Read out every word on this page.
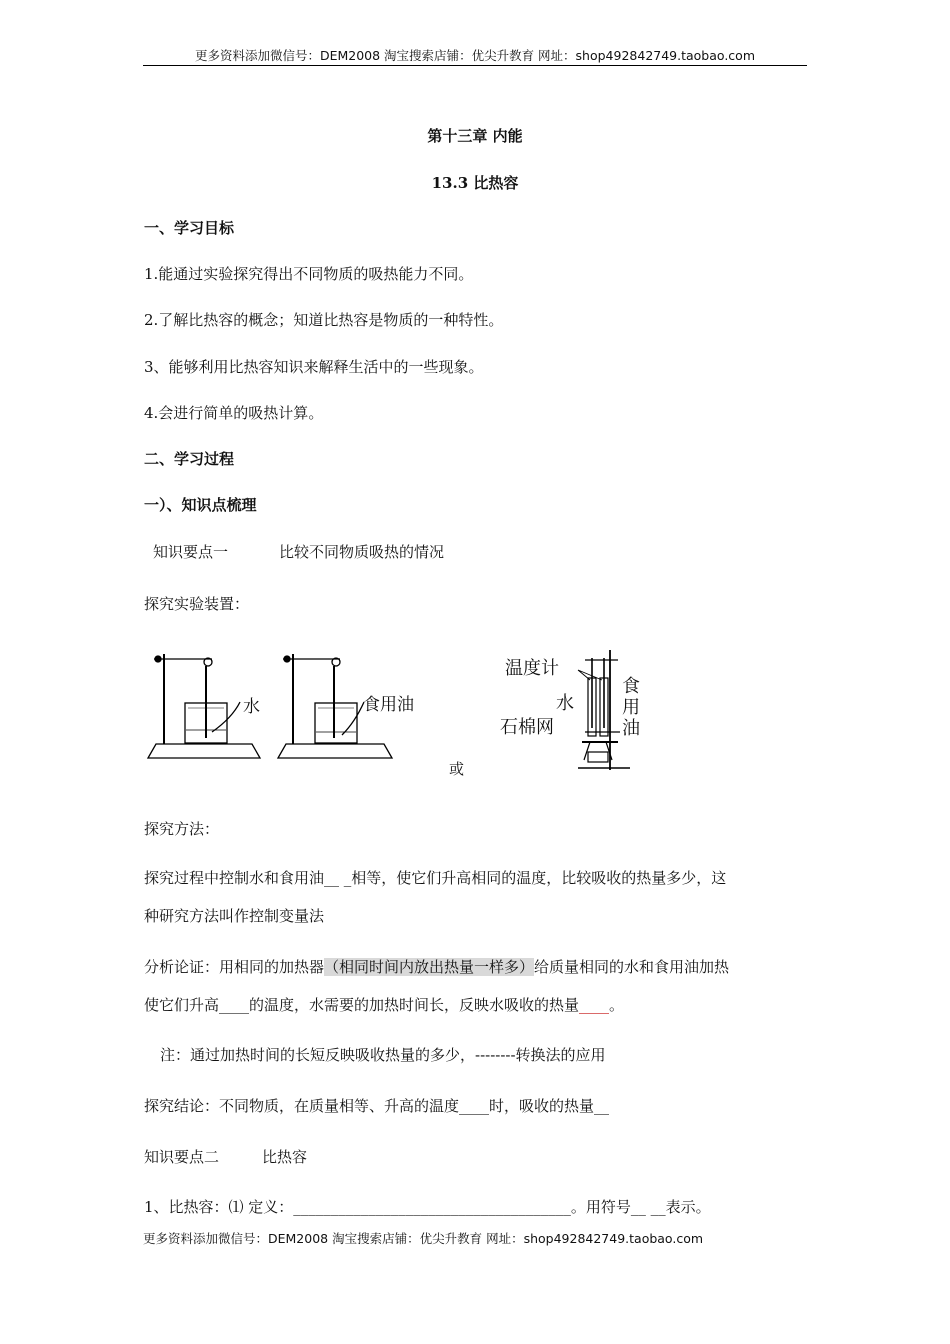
更多资料添加微信号：DEM2008 淘宝搜索店铺：优尖升教育 网址：shop492842749.taobao.com
第十三章 内能
13.3 比热容
一、学习目标
1.能通过实验探究得出不同物质的吸热能力不同。
2.了解比热容的概念；知道比热容是物质的一种特性。
3、能够利用比热容知识来解释生活中的一些现象。
4.会进行简单的吸热计算。
二、学习过程
一）、知识点梳理
知识要点一	比较不同物质吸热的情况
探究实验装置：
水	食用油
或
温度计
水
石棉网
食
用
油
探究方法：
探究过程中控制水和食用油__ _相等，使它们升高相同的温度，比较吸收的热量多少，这
种研究方法叫作控制变量法
分析论证：用相同的加热器（相同时间内放出热量一样多）给质量相同的水和食用油加热
使它们升高____的温度，水需要的加热时间长，反映水吸收的热量____。
注：通过加热时间的长短反映吸收热量的多少，--------转换法的应用
探究结论：不同物质，在质量相等、升高的温度____时，吸收的热量__
知识要点二	比热容
1、比热容：⑴ 定义：_____________________________________。用符号__ __表示。
更多资料添加微信号：DEM2008 淘宝搜索店铺：优尖升教育 网址：shop492842749.taobao.com
